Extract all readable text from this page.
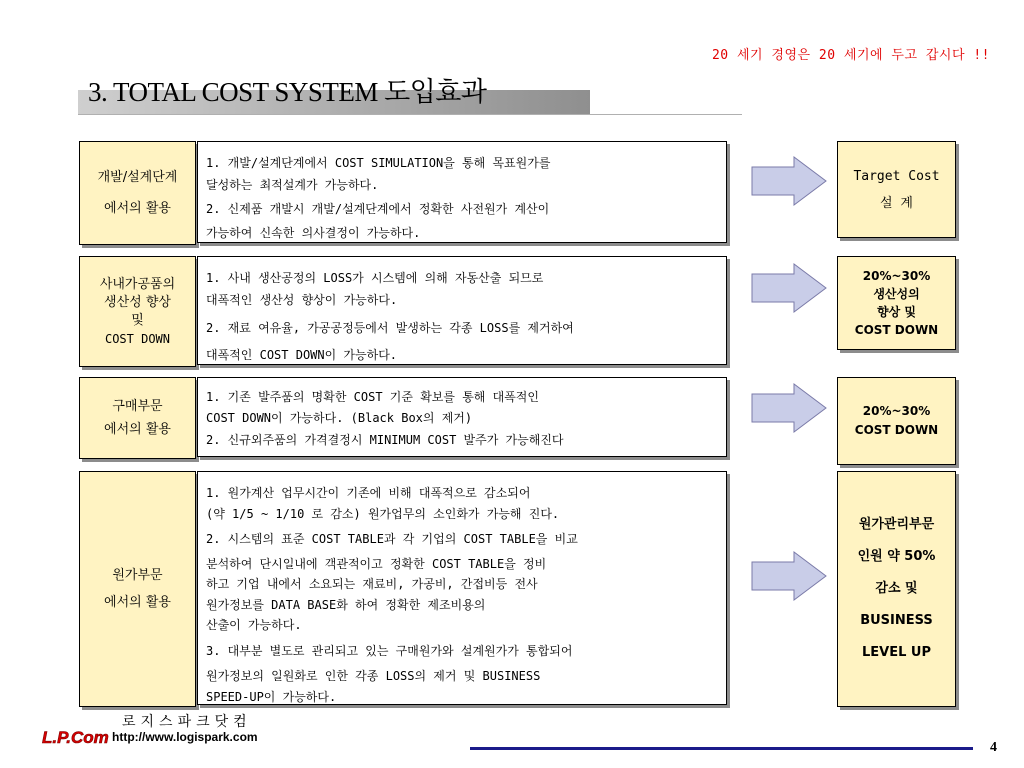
20 세기 경영은 20 세기에 두고 갑시다 !!
3. TOTAL COST SYSTEM 도입효과
개발/설계단계
에서의 활용
1. 개발/설계단계에서 COST SIMULATION을 통해 목표원가를
달성하는 최적설계가 가능하다.
2. 신제품 개발시 개발/설계단계에서 정확한 사전원가 계산이
가능하여 신속한 의사결정이 가능하다.
Target Cost
설 계
사내가공품의
생산성 향상
및
COST DOWN
1. 사내 생산공정의 LOSS가 시스템에 의해 자동산출 되므로
대폭적인 생산성 향상이 가능하다.
2. 재료 여유율, 가공공정등에서 발생하는 각종 LOSS를 제거하여
대폭적인 COST DOWN이 가능하다.
20%~30%
생산성의
향상 및
COST DOWN
구매부문
에서의 활용
1. 기존 발주품의 명확한 COST 기준 확보를 통해 대폭적인
COST DOWN이 가능하다. (Black Box의 제거)
2. 신규외주품의 가격결정시 MINIMUM COST 발주가 가능해진다
20%~30%
COST DOWN
원가부문
에서의 활용
1. 원가계산 업무시간이 기존에 비해 대폭적으로 감소되어
(약 1/5 ~ 1/10 로 감소) 원가업무의 소인화가 가능해 진다.
2. 시스템의 표준 COST TABLE과 각 기업의 COST TABLE을 비교
분석하여 단시일내에 객관적이고 정확한 COST TABLE을 정비
하고 기업 내에서 소요되는 재료비, 가공비, 간접비등 전사
원가정보를 DATA BASE화 하여 정확한 제조비용의
산출이 가능하다.
3. 대부분 별도로 관리되고 있는 구매원가와 설계원가가 통합되어
원가정보의 일원화로 인한 각종 LOSS의 제거 및 BUSINESS
SPEED-UP이 가능하다.
원가관리부문
인원 약 50%
감소 및
BUSINESS
LEVEL UP
L.P.Com
로지스파크닷컴
http://www.logispark.com
4
